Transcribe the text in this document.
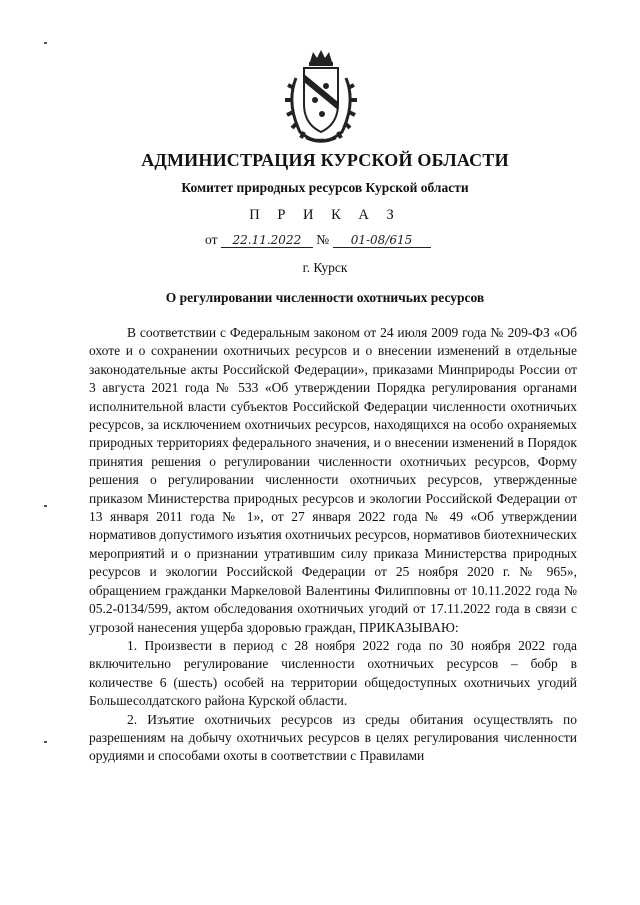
АДМИНИСТРАЦИЯ КУРСКОЙ ОБЛАСТИ
Комитет природных ресурсов Курской области
П Р И К А З
от 22.11.2022 № 01-08/615
г. Курск
О регулировании численности охотничьих ресурсов

В соответствии с Федеральным законом от 24 июля 2009 года № 209-ФЗ «Об охоте и о сохранении охотничьих ресурсов и о внесении изменений в отдельные законодательные акты Российской Федерации», приказами Минприроды России от 3 августа 2021 года № 533 «Об утверждении Порядка регулирования органами исполнительной власти субъектов Российской Федерации численности охотничьих ресурсов, за исключением охотничьих ресурсов, находящихся на особо охраняемых природных территориях федерального значения, и о внесении изменений в Порядок принятия решения о регулировании численности охотничьих ресурсов, Форму решения о регулировании численности охотничьих ресурсов, утвержденные приказом Министерства природных ресурсов и экологии Российской Федерации от 13 января 2011 года № 1», от 27 января 2022 года № 49 «Об утверждении нормативов допустимого изъятия охотничьих ресурсов, нормативов биотехнических мероприятий и о признании утратившим силу приказа Министерства природных ресурсов и экологии Российской Федерации от 25 ноября 2020 г. № 965», обращением гражданки Маркеловой Валентины Филипповны от 10.11.2022 года № 05.2-0134/599, актом обследования охотничьих угодий от 17.11.2022 года в связи с угрозой нанесения ущерба здоровью граждан, ПРИКАЗЫВАЮ:

1. Произвести в период с 28 ноября 2022 года по 30 ноября 2022 года включительно регулирование численности охотничьих ресурсов – бобр в количестве 6 (шесть) особей на территории общедоступных охотничьих угодий Большесолдатского района Курской области.

2. Изъятие охотничьих ресурсов из среды обитания осуществлять по разрешениям на добычу охотничьих ресурсов в целях регулирования численности орудиями и способами охоты в соответствии с Правилами
